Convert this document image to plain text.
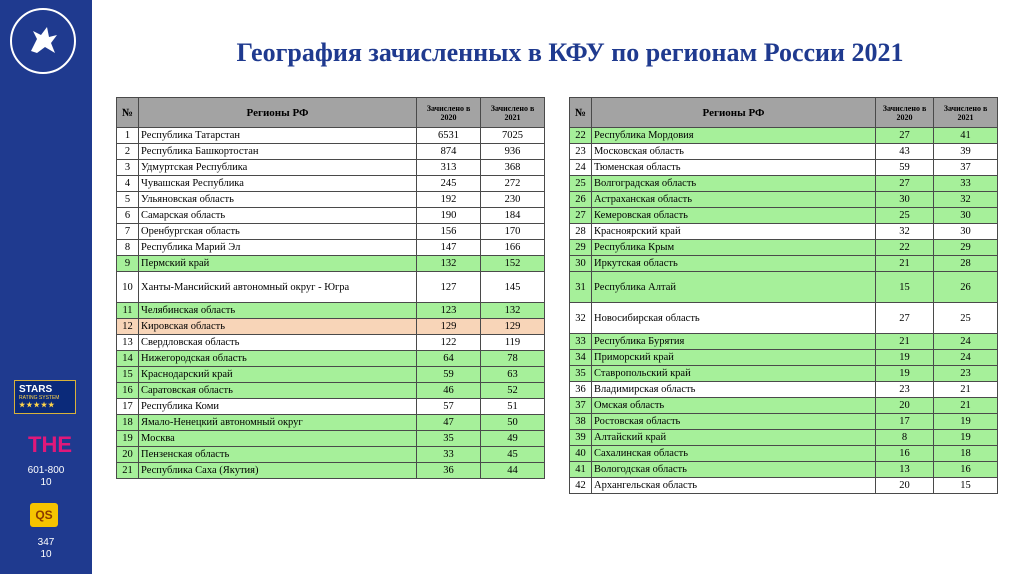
STARS
RATING SYSTEM
★★★★★
THE
601-800
10
QS
347
10
География зачисленных в КФУ по регионам России 2021
№	Регионы РФ	Зачислено в 2020	Зачислено в 2021
1	Республика Татарстан	6531	7025
2	Республика Башкортостан	874	936
3	Удмуртская Республика	313	368
4	Чувашская Республика	245	272
5	Ульяновская область	192	230
6	Самарская область	190	184
7	Оренбургская область	156	170
8	Республика Марий Эл	147	166
9	Пермский край	132	152
10	Ханты-Мансийский автономный округ - Югра	127	145
11	Челябинская область	123	132
12	Кировская область	129	129
13	Свердловская область	122	119
14	Нижегородская область	64	78
15	Краснодарский край	59	63
16	Саратовская область	46	52
17	Республика Коми	57	51
18	Ямало-Ненецкий автономный округ	47	50
19	Москва	35	49
20	Пензенская область	33	45
21	Республика Саха (Якутия)	36	44
№	Регионы РФ	Зачислено в 2020	Зачислено в 2021
22	Республика Мордовия	27	41
23	Московская область	43	39
24	Тюменская область	59	37
25	Волгоградская область	27	33
26	Астраханская область	30	32
27	Кемеровская область	25	30
28	Красноярский край	32	30
29	Республика Крым	22	29
30	Иркутская область	21	28
31	Республика Алтай	15	26
32	Новосибирская область	27	25
33	Республика Бурятия	21	24
34	Приморский край	19	24
35	Ставропольский край	19	23
36	Владимирская область	23	21
37	Омская область	20	21
38	Ростовская область	17	19
39	Алтайский край	8	19
40	Сахалинская область	16	18
41	Вологодская область	13	16
42	Архангельская область	20	15
